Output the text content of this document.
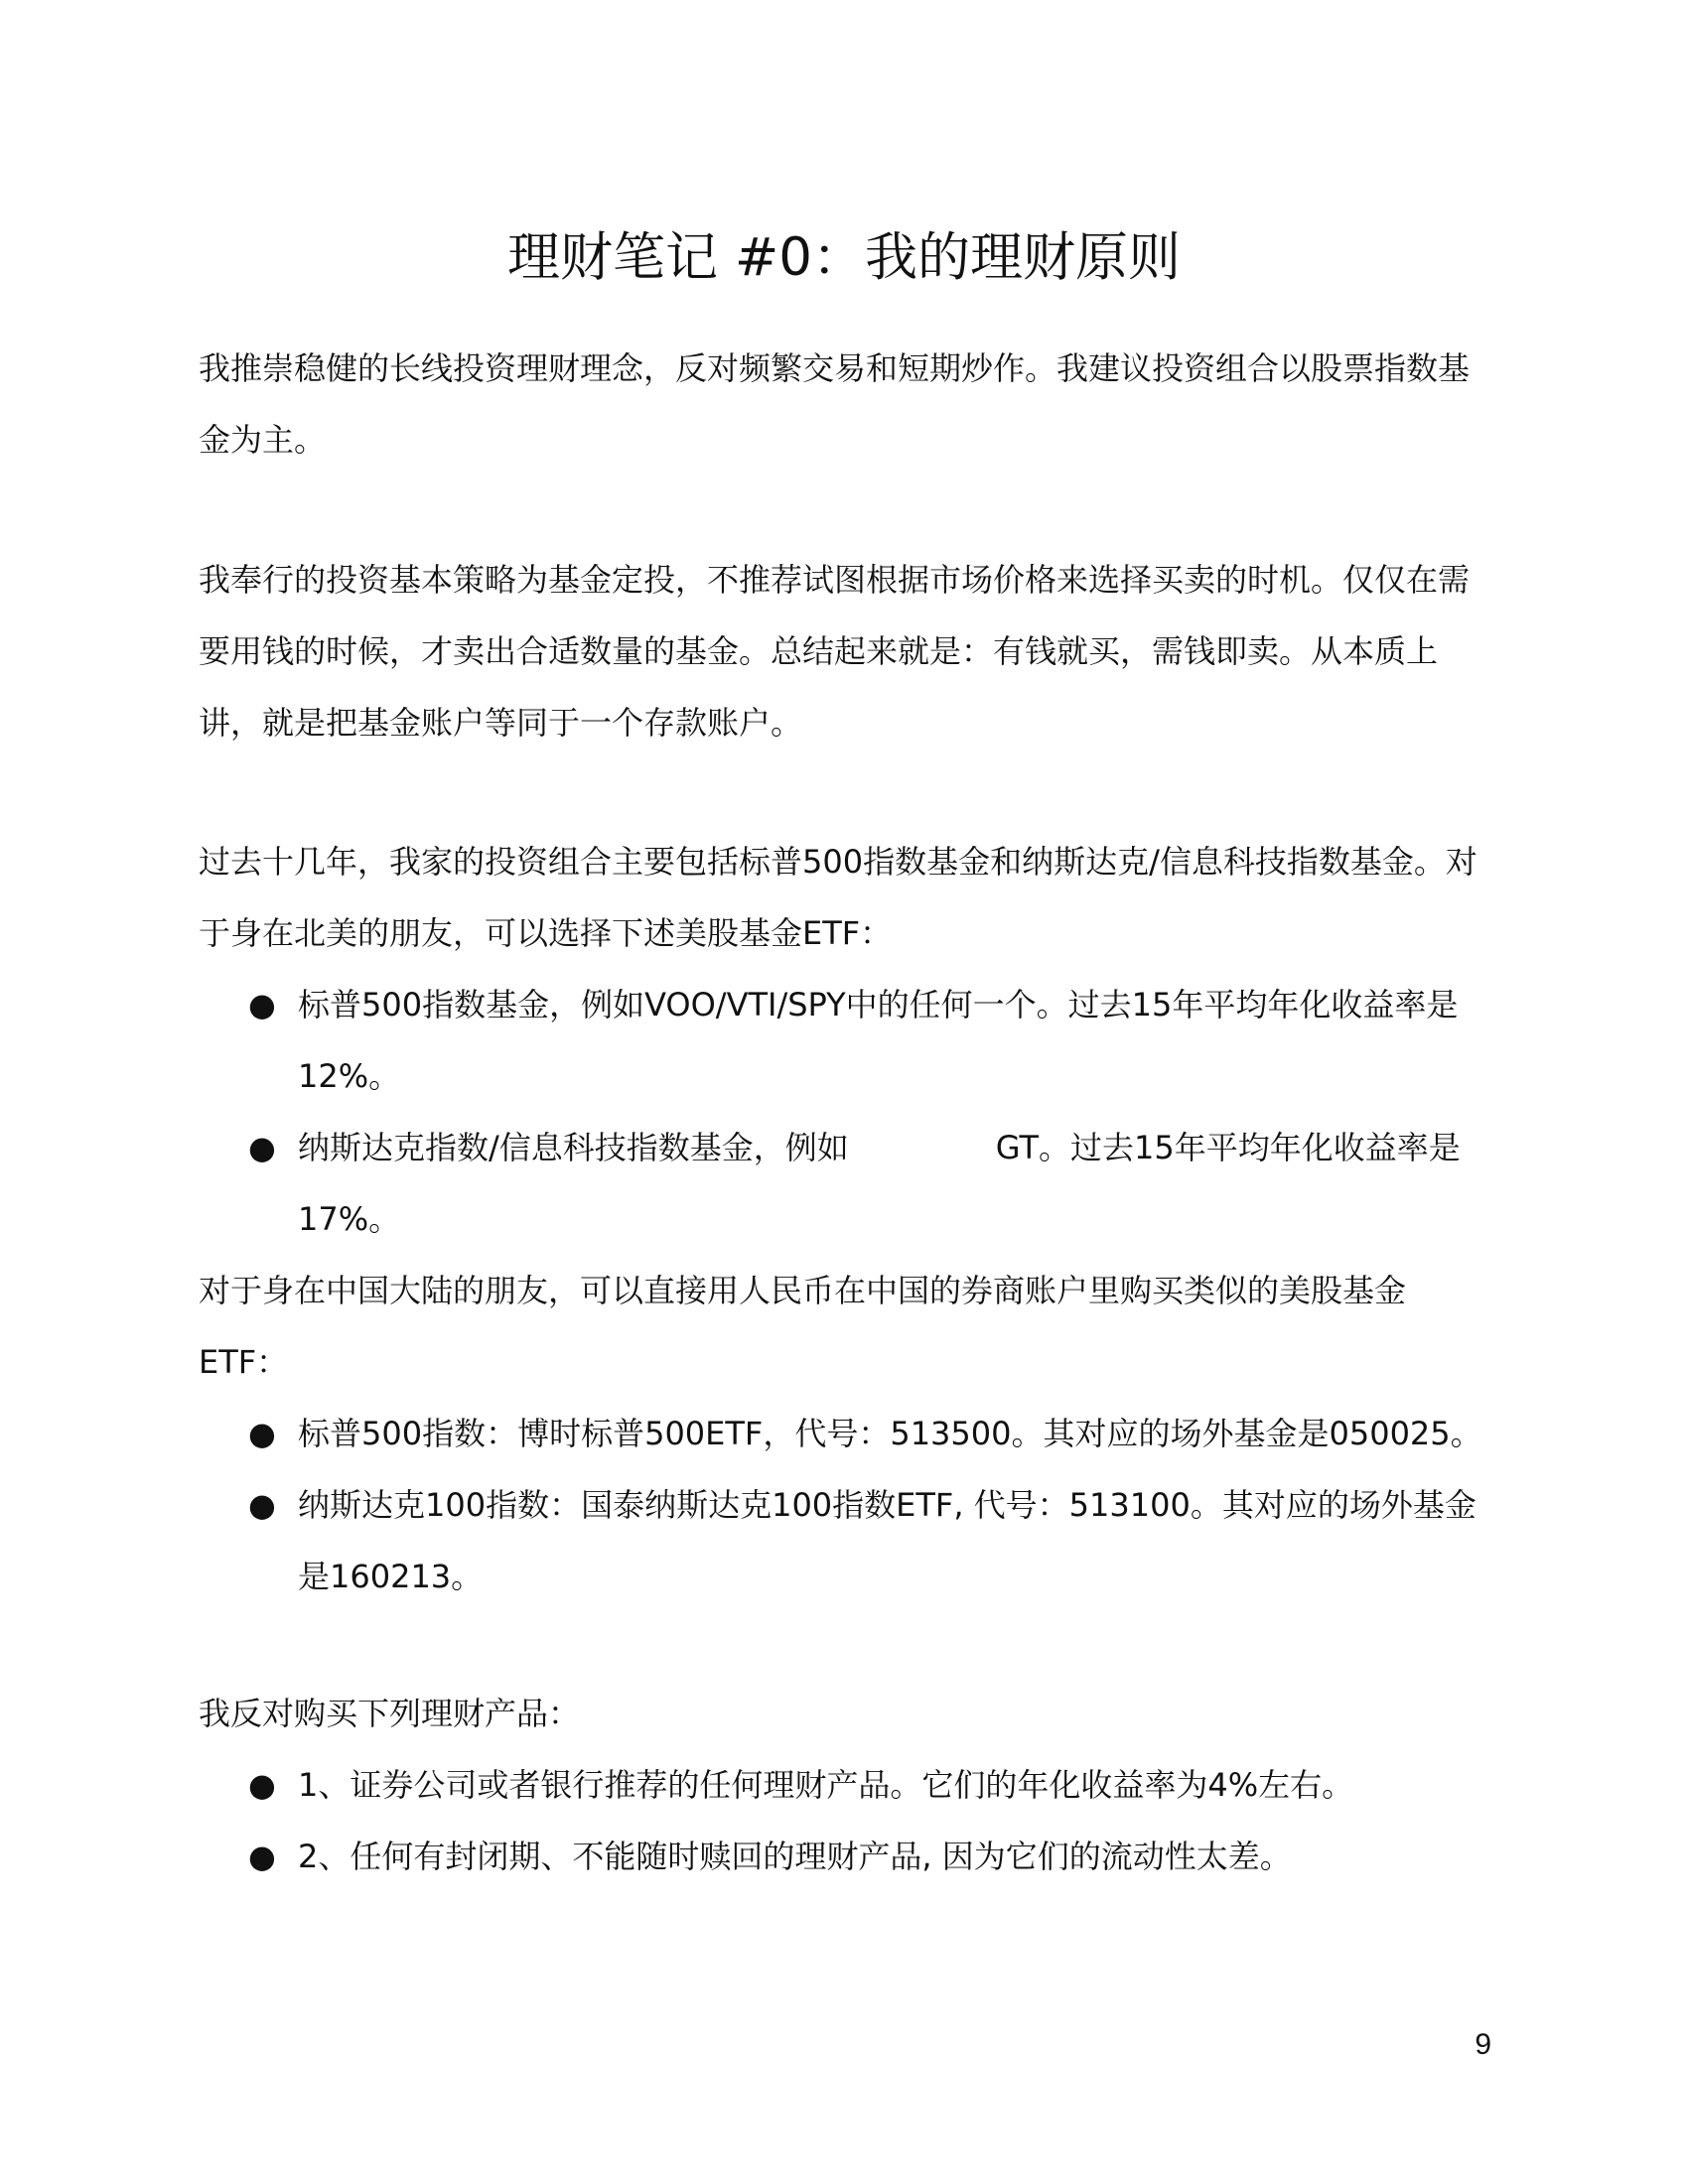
理财笔记 #0：我的理财原则

我推崇稳健的长线投资理财理念，反对频繁交易和短期炒作。我建议投资组合以股票指数基金为主。

我奉行的投资基本策略为基金定投，不推荐试图根据市场价格来选择买卖的时机。仅仅在需要用钱的时候，才卖出合适数量的基金。总结起来就是：有钱就买，需钱即卖。从本质上讲，就是把基金账户等同于一个存款账户。

过去十几年，我家的投资组合主要包括标普500指数基金和纳斯达克/信息科技指数基金。对于身在北美的朋友，可以选择下述美股基金ETF：

● 标普500指数基金，例如VOO/VTI/SPY中的任何一个。过去15年平均年化收益率是12%。
● 纳斯达克指数/信息科技指数基金，例如	GT。过去15年平均年化收益率是17%。

对于身在中国大陆的朋友，可以直接用人民币在中国的券商账户里购买类似的美股基金ETF：

● 标普500指数：博时标普500ETF，代号：513500。其对应的场外基金是050025。
● 纳斯达克100指数：国泰纳斯达克100指数ETF, 代号：513100。其对应的场外基金是160213。

我反对购买下列理财产品：

● 1、证券公司或者银行推荐的任何理财产品。它们的年化收益率为4%左右。
● 2、任何有封闭期、不能随时赎回的理财产品, 因为它们的流动性太差。
9
